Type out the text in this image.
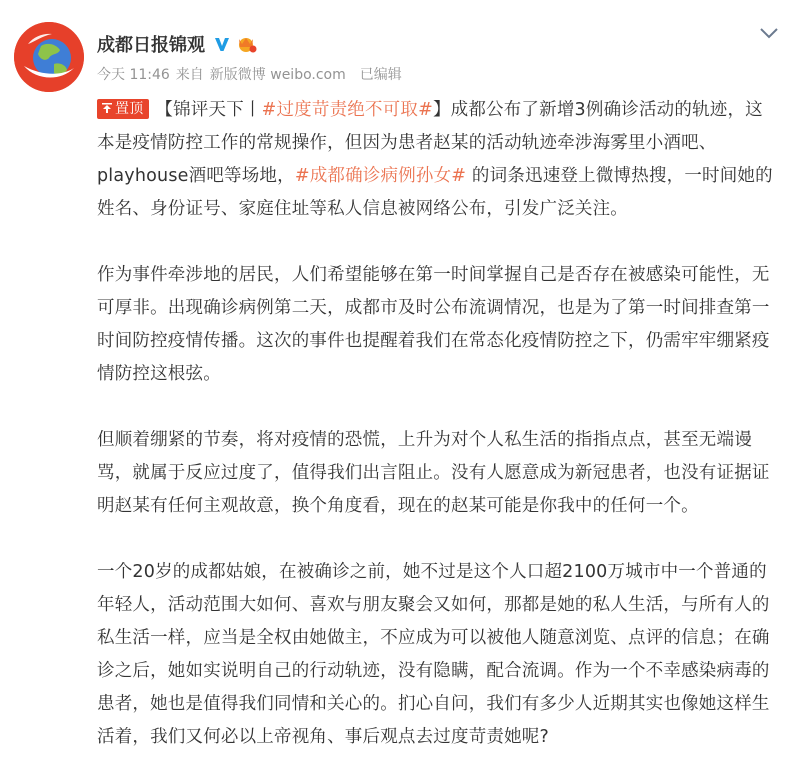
成都日报锦观
今天 11:46 来自 新版微博 weibo.com 已编辑

置顶 【锦评天下丨#过度苛责绝不可取#】成都公布了新增3例确诊活动的轨迹，这本是疫情防控工作的常规操作，但因为患者赵某的活动轨迹牵涉海雾里小酒吧、playhouse酒吧等场地，#成都确诊病例孙女# 的词条迅速登上微博热搜，一时间她的姓名、身份证号、家庭住址等私人信息被网络公布，引发广泛关注。

作为事件牵涉地的居民，人们希望能够在第一时间掌握自己是否存在被感染可能性，无可厚非。出现确诊病例第二天，成都市及时公布流调情况，也是为了第一时间排查第一时间防控疫情传播。这次的事件也提醒着我们在常态化疫情防控之下，仍需牢牢绷紧疫情防控这根弦。

但顺着绷紧的节奏，将对疫情的恐慌，上升为对个人私生活的指指点点，甚至无端谩骂，就属于反应过度了，值得我们出言阻止。没有人愿意成为新冠患者，也没有证据证明赵某有任何主观故意，换个角度看，现在的赵某可能是你我中的任何一个。

一个20岁的成都姑娘，在被确诊之前，她不过是这个人口超2100万城市中一个普通的年轻人，活动范围大如何、喜欢与朋友聚会又如何，那都是她的私人生活，与所有人的私生活一样，应当是全权由她做主，不应成为可以被他人随意浏览、点评的信息；在确诊之后，她如实说明自己的行动轨迹，没有隐瞒，配合流调。作为一个不幸感染病毒的患者，她也是值得我们同情和关心的。扪心自问，我们有多少人近期其实也像她这样生活着，我们又何必以上帝视角、事后观点去过度苛责她呢?
